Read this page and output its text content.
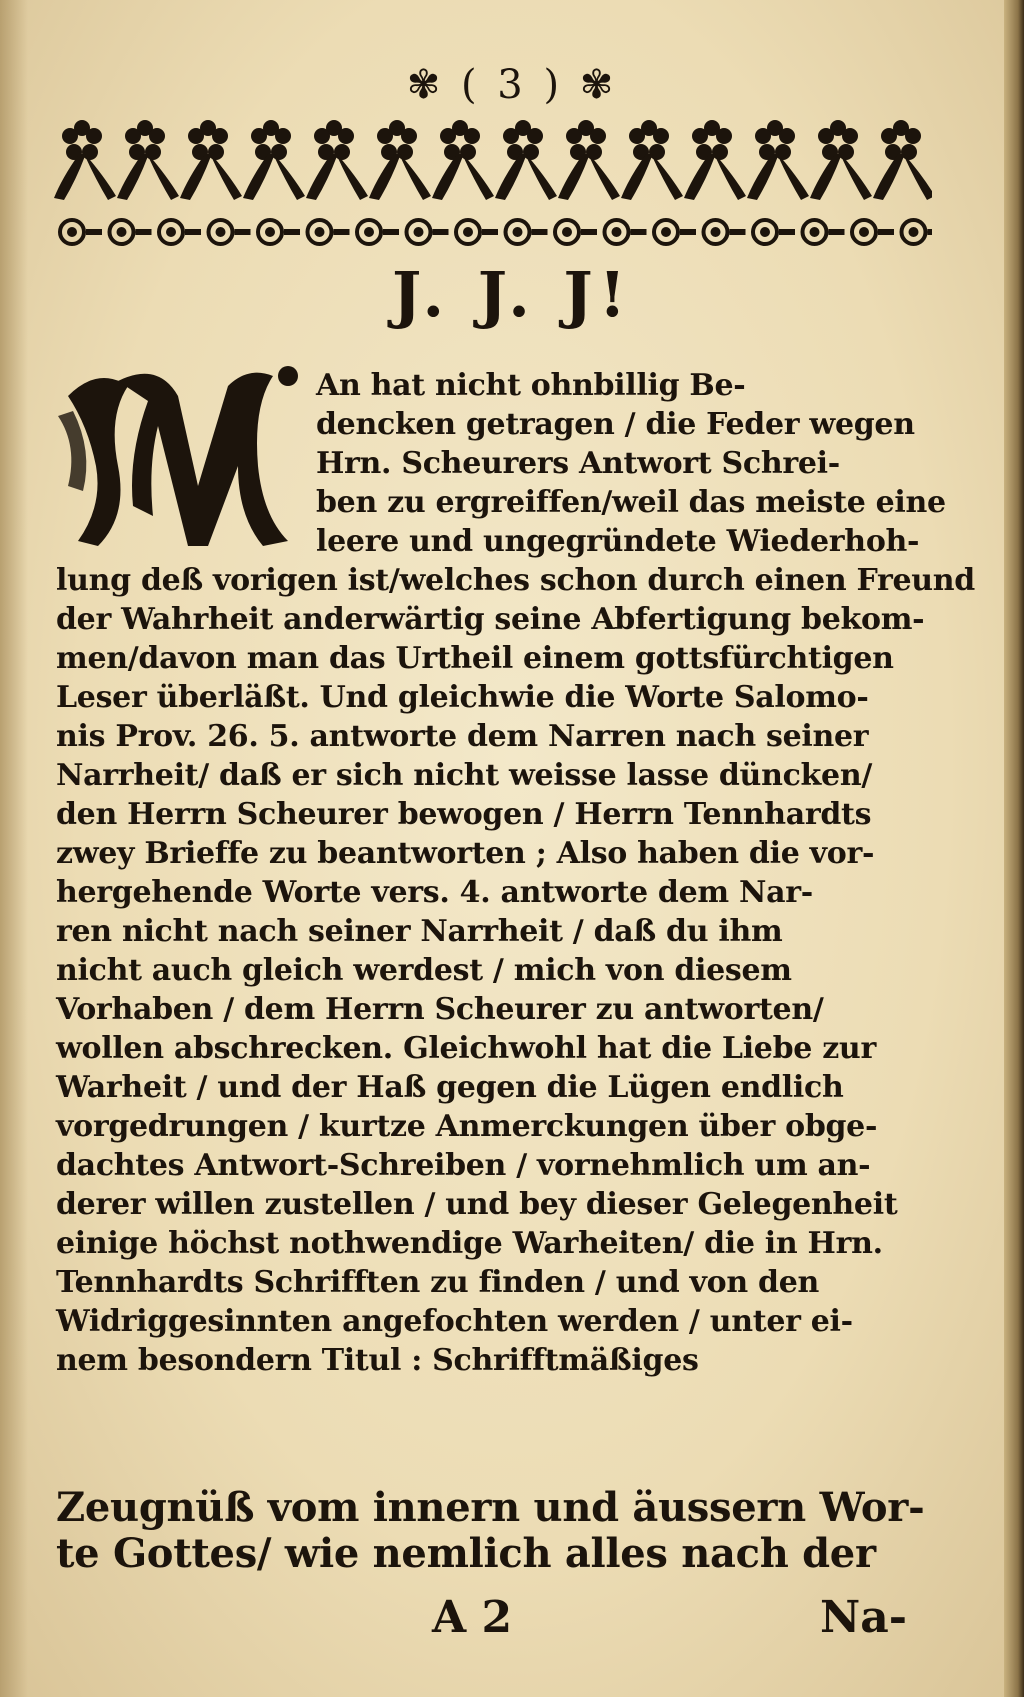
✾ ( 3 ) ✾
J. J. J!
An hat nicht ohnbillig Be-
dencken getragen / die Feder wegen
Hrn. Scheurers Antwort Schrei-
ben zu ergreiffen/weil das meiste eine
leere und ungegründete Wiederhoh-
lung deß vorigen ist/welches schon durch einen Freund
der Wahrheit anderwärtig seine Abfertigung bekom-
men/davon man das Urtheil einem gottsfürchtigen
Leser überläßt. Und gleichwie die Worte Salomo-
nis Prov. 26. 5. antworte dem Narren nach seiner
Narrheit/ daß er sich nicht weisse lasse düncken/
den Herrn Scheurer bewogen / Herrn Tennhardts
zwey Brieffe zu beantworten ; Also haben die vor-
hergehende Worte vers. 4. antworte dem Nar-
ren nicht nach seiner Narrheit / daß du ihm
nicht auch gleich werdest / mich von diesem
Vorhaben / dem Herrn Scheurer zu antworten/
wollen abschrecken. Gleichwohl hat die Liebe zur
Warheit / und der Haß gegen die Lügen endlich
vorgedrungen / kurtze Anmerckungen über obge-
dachtes Antwort-Schreiben / vornehmlich um an-
derer willen zustellen / und bey dieser Gelegenheit
einige höchst nothwendige Warheiten/ die in Hrn.
Tennhardts Schrifften zu finden / und von den
Widriggesinnten angefochten werden / unter ei-
nem besondern Titul : Schrifftmäßiges
Zeugnüß vom innern und äussern Wor-
te Gottes/ wie nemlich alles nach der
A 2	Na-
